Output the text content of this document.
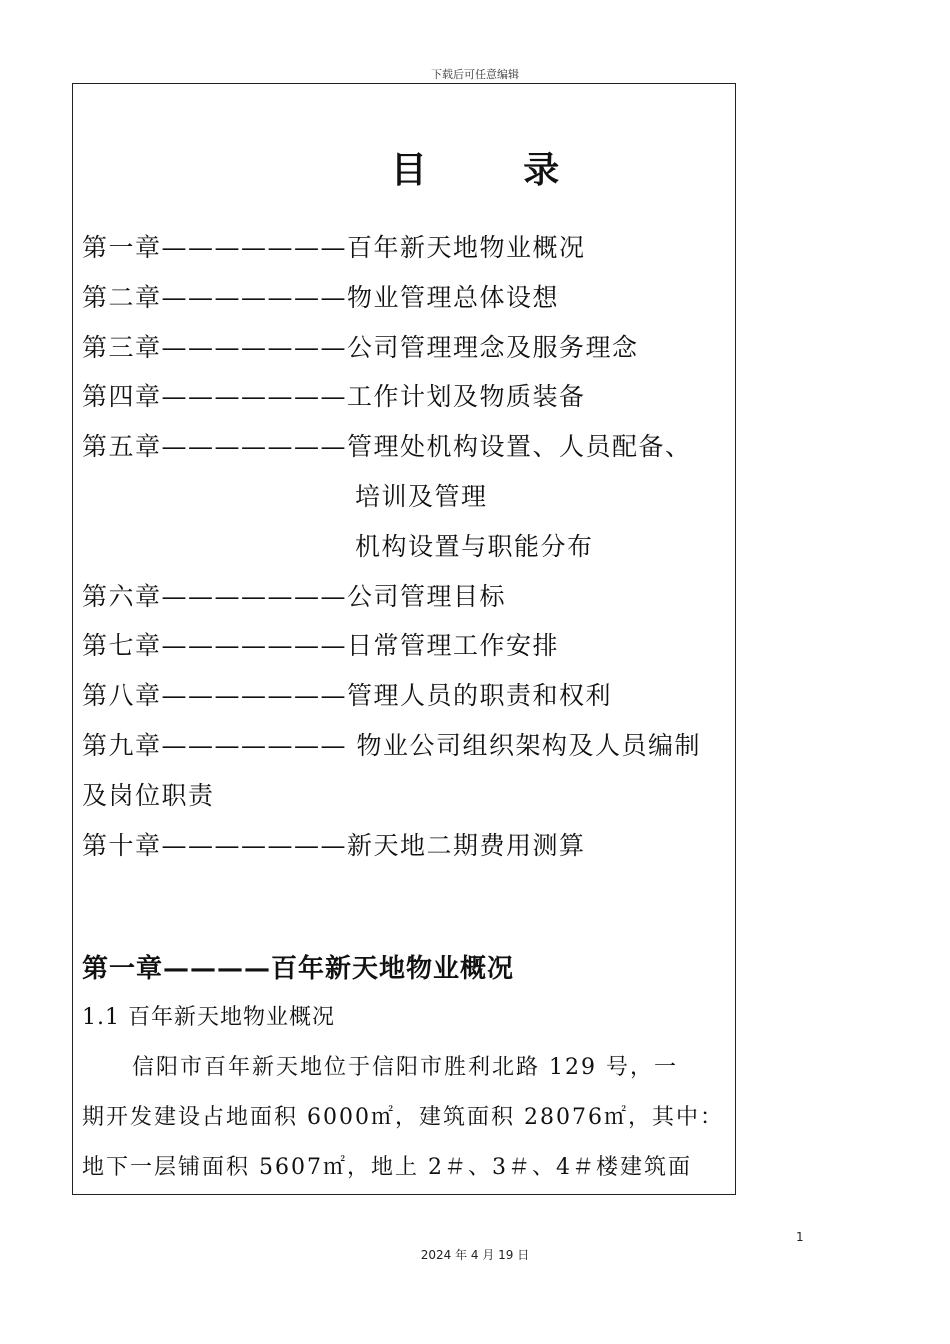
下载后可任意编辑
目 录
第一章———————百年新天地物业概况
第二章———————物业管理总体设想
第三章———————公司管理理念及服务理念
第四章———————工作计划及物质装备
第五章———————管理处机构设置、人员配备、
培训及管理
机构设置与职能分布
第六章———————公司管理目标
第七章———————日常管理工作安排
第八章———————管理人员的职责和权利
第九章——————— 物业公司组织架构及人员编制
及岗位职责
第十章———————新天地二期费用测算
第一章————百年新天地物业概况
1.1 百年新天地物业概况
信阳市百年新天地位于信阳市胜利北路 129 号，一
期开发建设占地面积 6000㎡，建筑面积 28076㎡，其中：
地下一层铺面积 5607㎡，地上 2＃、3＃、4＃楼建筑面
1
2024 年 4 月 19 日
